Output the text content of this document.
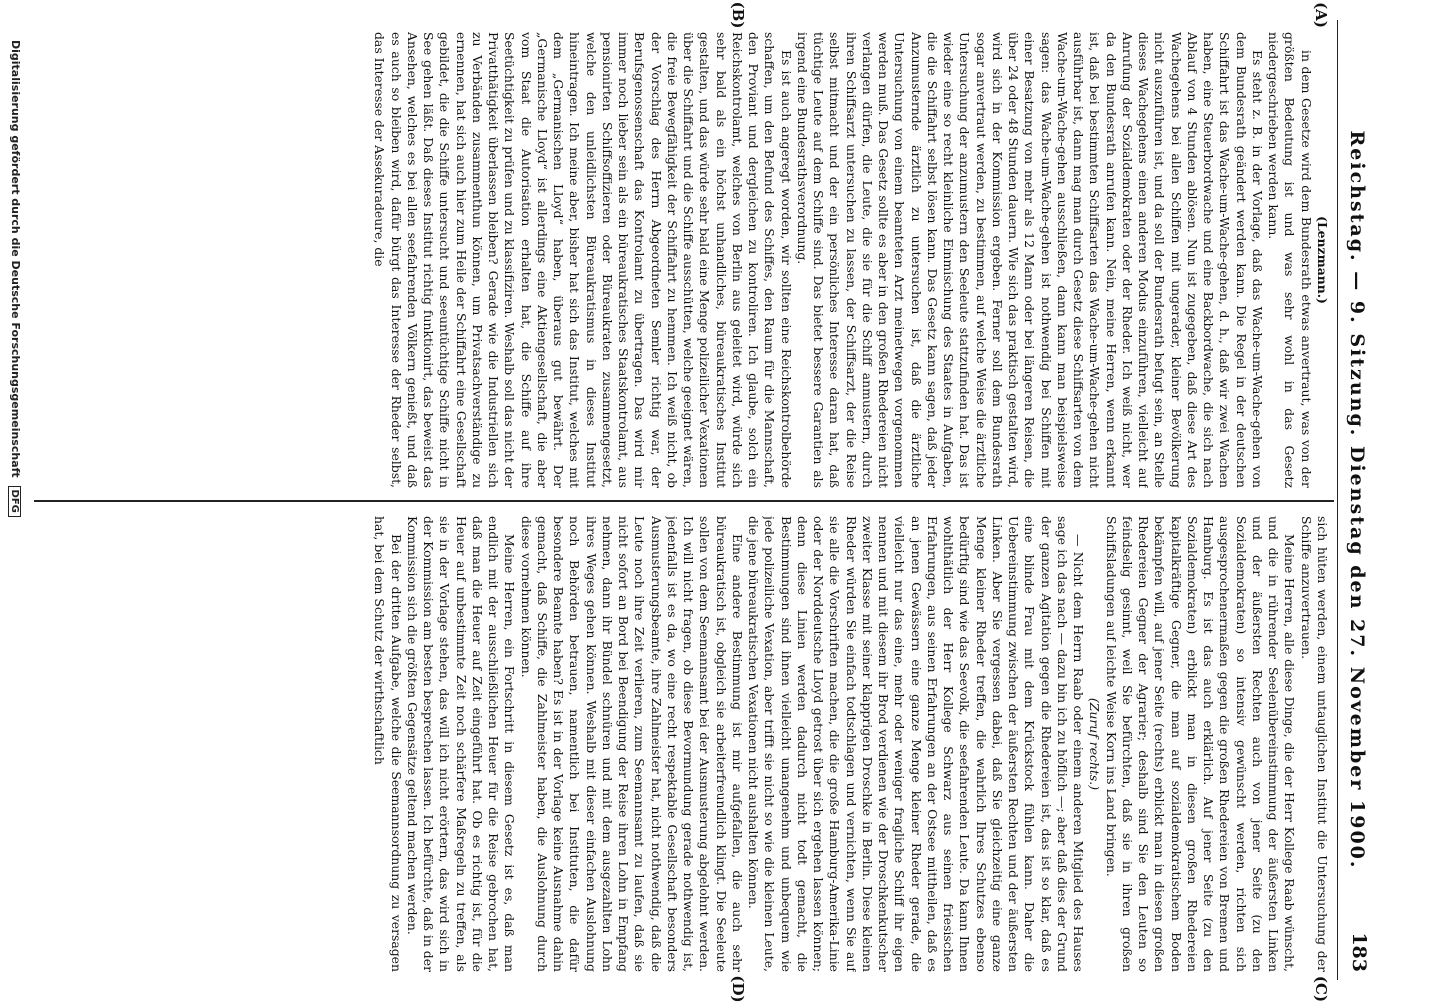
Reichstag. — 9. Sitzung. Dienstag den 27. November 1900.
183
(A)
(B)
(C)
(D)

(Lenzmann.)

in dem Gesetze wird dem Bundesrath etwas anvertraut, was von der größten Bedeutung ist und was sehr wohl in das Gesetz niedergeschrieben werden kann.

Es steht z. B. in der Vorlage, daß das Wache-um-Wache-gehen von dem Bundesrath geändert werden kann. Die Regel in der deutschen Schiffahrt ist das Wache-um-Wache-gehen, d. h., daß wir zwei Wachen haben, eine Steuerbordwache und eine Backbordwache, die sich nach Ablauf von 4 Stunden ablösen. Nun ist zugegeben, daß diese Art des Wachegehens bei allen Schiffen mit ungerader, kleiner Bevölkerung nicht auszuführen ist, und da soll der Bundesrath befugt sein, an Stelle dieses Wachegehens einen anderen Modus einzuführen, vielleicht auf Anrufung der Sozialdemokraten oder der Rheder. Ich weiß nicht, wer da den Bundesrath anrufen kann. Nein, meine Herren, wenn erkannt ist, daß bei bestimmten Schiffsarten das Wache-um-Wache-gehen nicht ausführbar ist, dann mag man durch Gesetz diese Schiffsarten von dem Wache-um-Wache-gehen ausschließen, dann kann man beispielsweise sagen: das Wache-um-Wache-gehen ist nothwendig bei Schiffen mit einer Besatzung von mehr als 12 Mann oder bei längeren Reisen, die über 24 oder 48 Stunden dauern. Wie sich das praktisch gestalten wird, wird sich in der Kommission ergeben. Ferner soll dem Bundesrath sogar anvertraut werden, zu bestimmen, auf welche Weise die ärztliche Untersuchung der anzumustern den Seeleute stattzufinden hat. Das ist wieder eine so recht kleinliche Einmischung des Staates in Aufgaben, die die Schiffahrt selbst lösen kann. Das Gesetz kann sagen, daß jeder Anzumusternde ärztlich zu untersuchen ist, daß die ärztliche Untersuchung von einem beamteten Arzt meinetwegen vorgenommen werden muß. Das Gesetz sollte es aber in den großen Rhedereien nicht verlangen dürfen, die Leute, die sie für die Schiff anmustern, durch ihren Schiffsarzt untersuchen zu lassen, der Schiffsarzt, der die Reise selbst mitmacht und der ein persönliches Interesse daran hat, daß tüchtige Leute auf dem Schiffe sind. Das bietet bessere Garantien als irgend eine Bundesrathsverordnung.

Es ist auch angeregt worden, wir sollten eine Reichskontrolbehörde schaffen, um den Befund des Schiffes, den Raum für die Mannschaft, den Proviant und dergleichen zu kontroliren. Ich glaube, solch ein Reichskontrolamt, welches von Berlin aus geleitet wird, würde sich sehr bald als ein höchst unhandliches, büreaukratisches Institut gestalten, und das würde sehr bald eine Menge polizeilicher Vexationen über die Schiffahrt und die Schiffe ausschütten, welche geeignet wären, die freie Bewegfähigkeit der Schiffahrt zu hemmen. Ich weiß nicht, ob der Vorschlag des Herrn Abgeordneten Semler richtig war, der Berufsgenossenschaft das Kontrolamt zu übertragen. Das wird mir immer noch lieber sein als ein büreaukratisches Staatskontrolamt, aus pensionirten Schiffsoffizieren oder Büreaukraten zusammengesetzt, welche den unleidlichsten Büreaukratismus in dieses Institut hineintragen. Ich meine aber, bisher hat sich das Institut, welches mit dem „Germanischen Lloyd“ haben, überaus gut bewährt. Der „Germanische Lloyd“ ist allerdings eine Aktiengesellschaft, die aber vom Staat die Autorisation erhalten hat, die Schiffe auf ihre Seetüchtigkeit zu prüfen und zu klassifiziren. Weshalb soll das nicht der Privatthätigkeit überlassen bleiben? Gerade wie die Industriellen sich zu Verbänden zusammenthun können, um Privatsachverständige zu ernennen, hat sich auch hier zum Heile der Schiffahrt eine Gesellschaft gebildet, die die Schiffe untersucht und seeuntüchtige Schiffe nicht in See gehen läßt. Daß dieses Institut richtig funktionirt, das beweist das Ansehen, welches es bei allen seefahrenden Völkern genießt, und daß es auch so bleiben wird, dafür bürgt das Interesse der Rheder selbst, das Interesse der Assekuradeure, die

sich hüten werden, einem untauglichen Institut die Untersuchung der Schiffe anzuvertrauen.

Meine Herren, alle diese Dinge, die der Herr Kollege Raab wünscht, und die in rührender Seelenübereinstimmung der äußersten Linken und der äußersten Rechten auch von jener Seite (zu den Sozialdemokraten) so intensiv gewünscht werden, richten sich ausgesprochenermaßen gegen die großen Rhedereien von Bremen und Hamburg. Es ist das auch erklärlich. Auf jener Seite (zu den Sozialdemokraten) erblickt man in diesen großen Rhedereien kapitalkräftige Gegner, die man auf sozialdemokratischem Boden bekämpfen will, auf jener Seite (rechts) erblickt man in diesen großen Rhedereien Gegner der Agrarier; deshalb sind Sie den Leuten so feindselig gesinnt, weil Sie befürchten, daß sie in ihren großen Schiffsladungen auf leichte Weise Korn ins Land bringen.

(Zuruf rechts.)

— Nicht dem Herrn Raab oder einem anderen Mitglied des Hauses sage ich das nach — dazu bin ich zu höflich —; aber daß dies der Grund der ganzen Agitation gegen die Rhedereien ist, das ist so klar, daß es eine blinde Frau mit dem Krückstock fühlen kann. Daher die Uebereinstimmung zwischen der äußersten Rechten und der äußersten Linken. Aber Sie vergessen dabei, daß Sie gleichzeitig eine ganze Menge kleiner Rheder treffen, die wahrlich Ihres Schutzes ebenso bedürftig sind wie das Seevolk, die seefahrenden Leute. Da kann Ihnen wohlthätlich der Herr Kollege Schwarz aus seinen friesischen Erfahrungen, aus seinen Erfahrungen an der Ostsee mittheilen, daß es an jenen Gewässern eine ganze Menge kleiner Rheder gerade, die vielleicht nur das eine, mehr oder weniger fragliche Schiff ihr eigen nennen und mit diesem ihr Brod verdienen wie der Droschkenkutscher zweiter Klasse mit seiner klapprigen Droschke in Berlin. Diese kleinen Rheder würden Sie einfach todtschlagen und vernichten, wenn Sie auf sie alle die Vorschriften machen, die die große Hamburg-Amerika-Linie oder der Norddeutsche Lloyd getrost über sich ergehen lassen können; denn diese Linien werden dadurch nicht todt gemacht, die Bestimmungen sind ihnen vielleicht unangenehm und unbequem wie jede polizeiliche Vexation, aber trifft sie nicht so wie die kleinen Leute, die jene büreaukratischen Vexationen nicht aushalten können.

Eine andere Bestimmung ist mir aufgefallen, die auch sehr büreaukratisch ist, obgleich sie arbeiterfreundlich klingt. Die Seeleute sollen von dem Seemannsamt bei der Ausmusterung abgelohnt werden. Ich will nicht fragen, ob diese Bevormundung gerade nothwendig ist, jedenfalls ist es da, wo eine recht respektable Gesellschaft besonders Ausmusterungsbeamte, ihre Zahlmeister hat, nicht nothwendig, daß die Leute noch ihre Zeit verlieren, zum Seemannsamt zu laufen, daß sie nicht sofort an Bord bei Beendigung der Reise ihren Lohn in Empfang nehmen, dann ihr Bündel schnüren und mit dem ausgezahlten Lohn ihres Weges gehen können. Weshalb mit dieser einfachen Auslohnung noch Behörden betrauen, namentlich bei Instituten, die dafür besondere Beamte haben? Es ist in der Vorlage keine Ausnahme dahin gemacht, daß Schiffe, die Zahlmeister haben, die Auslohnung durch diese vornehmen können.

Meine Herren, ein Fortschritt in diesem Gesetz ist es, daß man endlich mit der ausschließlichen Heuer für die Reise gebrochen hat, daß man die Heuer auf Zeit eingeführt hat. Ob es richtig ist, für die Heuer auf unbestimmte Zeit noch schärfere Maßregeln zu treffen, als sie in der Vorlage stehen, das will ich nicht erörtern, das wird sich in der Kommission am besten besprechen lassen. Ich befürchte, daß in der Kommission sich die größten Gegensätze geltend machen werden.

Bei der dritten Aufgabe, welche die Seemannsordnung zu versagen hat, bei dem Schutz der wirthschaftlich

Digitalisierung gefördert durch die Deutsche Forschungsgemeinschaft DFG
